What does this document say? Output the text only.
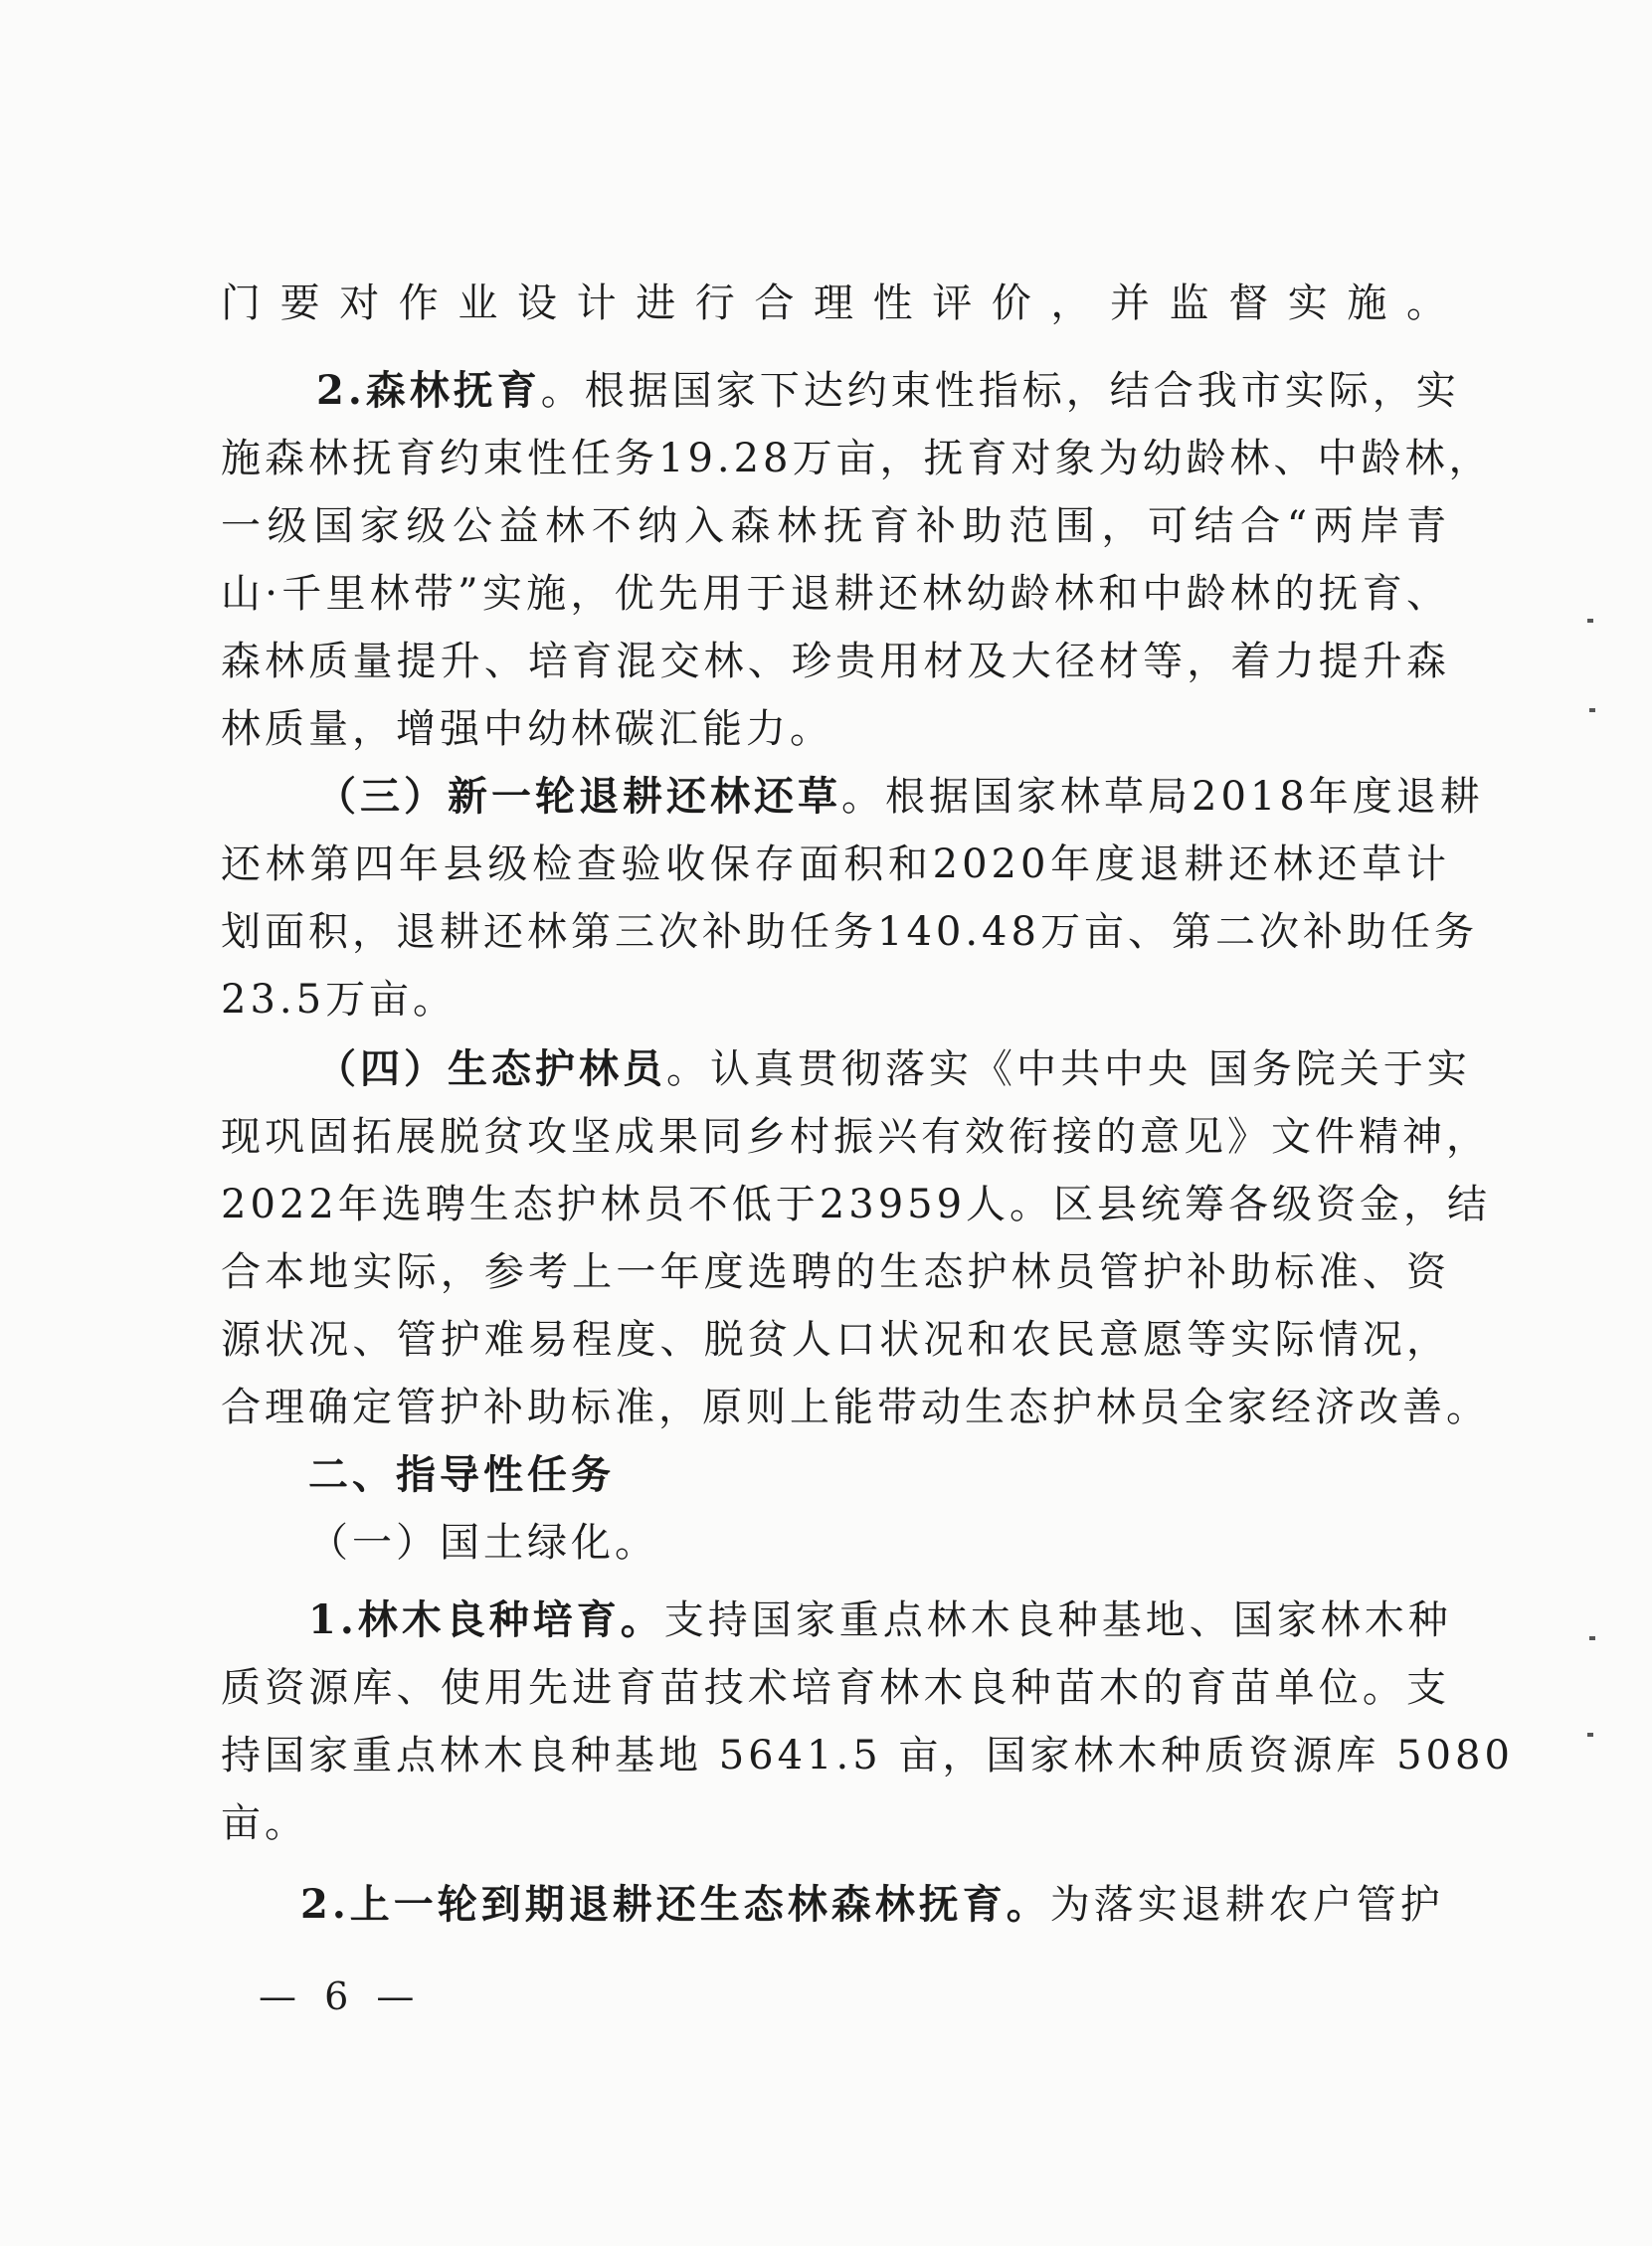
门要对作业设计进行合理性评价，并监督实施。
2.森林抚育。根据国家下达约束性指标，结合我市实际，实
施森林抚育约束性任务19.28万亩，抚育对象为幼龄林、中龄林，
一级国家级公益林不纳入森林抚育补助范围，可结合“两岸青
山·千里林带”实施，优先用于退耕还林幼龄林和中龄林的抚育、
森林质量提升、培育混交林、珍贵用材及大径材等，着力提升森
林质量，增强中幼林碳汇能力。
（三）新一轮退耕还林还草。根据国家林草局2018年度退耕
还林第四年县级检查验收保存面积和2020年度退耕还林还草计
划面积，退耕还林第三次补助任务140.48万亩、第二次补助任务
23.5万亩。
（四）生态护林员。认真贯彻落实《中共中央 国务院关于实
现巩固拓展脱贫攻坚成果同乡村振兴有效衔接的意见》文件精神，
2022年选聘生态护林员不低于23959人。区县统筹各级资金，结
合本地实际，参考上一年度选聘的生态护林员管护补助标准、资
源状况、管护难易程度、脱贫人口状况和农民意愿等实际情况，
合理确定管护补助标准，原则上能带动生态护林员全家经济改善。
二、指导性任务
（一）国土绿化。
1.林木良种培育。支持国家重点林木良种基地、国家林木种
质资源库、使用先进育苗技术培育林木良种苗木的育苗单位。支
持国家重点林木良种基地 5641.5 亩，国家林木种质资源库 5080
亩。
2.上一轮到期退耕还生态林森林抚育。为落实退耕农户管护
— 6 —
